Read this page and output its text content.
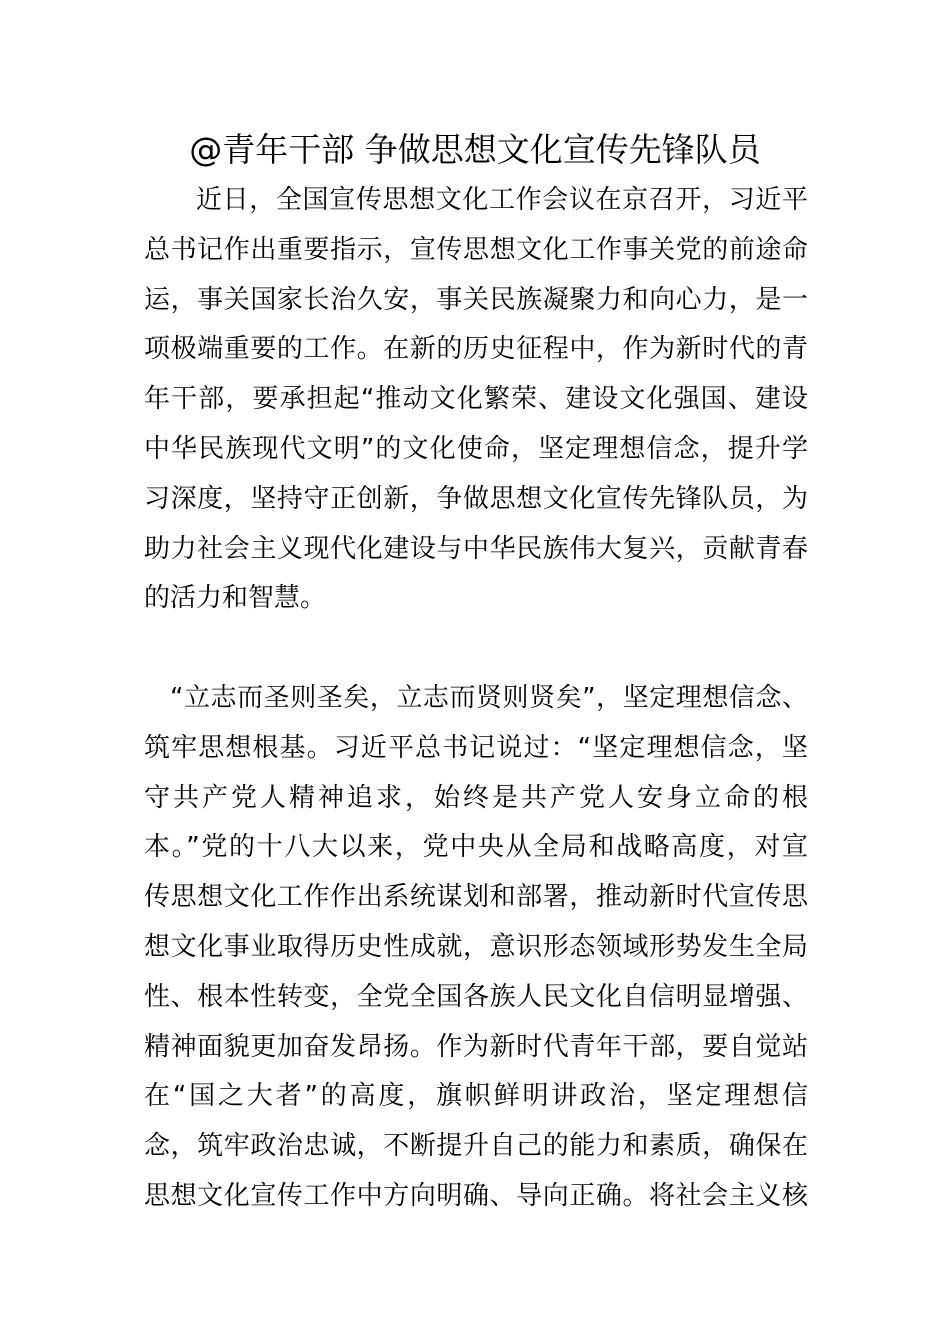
@青年干部 争做思想文化宣传先锋队员
近日，全国宣传思想文化工作会议在京召开，习近平
总书记作出重要指示，宣传思想文化工作事关党的前途命
运，事关国家长治久安，事关民族凝聚力和向心力，是一
项极端重要的工作。在新的历史征程中，作为新时代的青
年干部，要承担起“推动文化繁荣、建设文化强国、建设
中华民族现代文明”的文化使命，坚定理想信念，提升学
习深度，坚持守正创新，争做思想文化宣传先锋队员，为
助力社会主义现代化建设与中华民族伟大复兴，贡献青春
的活力和智慧。
“立志而圣则圣矣，立志而贤则贤矣”，坚定理想信念、
筑牢思想根基。习近平总书记说过：“坚定理想信念，坚
守共产党人精神追求，始终是共产党人安身立命的根
本。”党的十八大以来，党中央从全局和战略高度，对宣
传思想文化工作作出系统谋划和部署，推动新时代宣传思
想文化事业取得历史性成就，意识形态领域形势发生全局
性、根本性转变，全党全国各族人民文化自信明显增强、
精神面貌更加奋发昂扬。作为新时代青年干部，要自觉站
在“国之大者”的高度，旗帜鲜明讲政治，坚定理想信
念，筑牢政治忠诚，不断提升自己的能力和素质，确保在
思想文化宣传工作中方向明确、导向正确。将社会主义核
